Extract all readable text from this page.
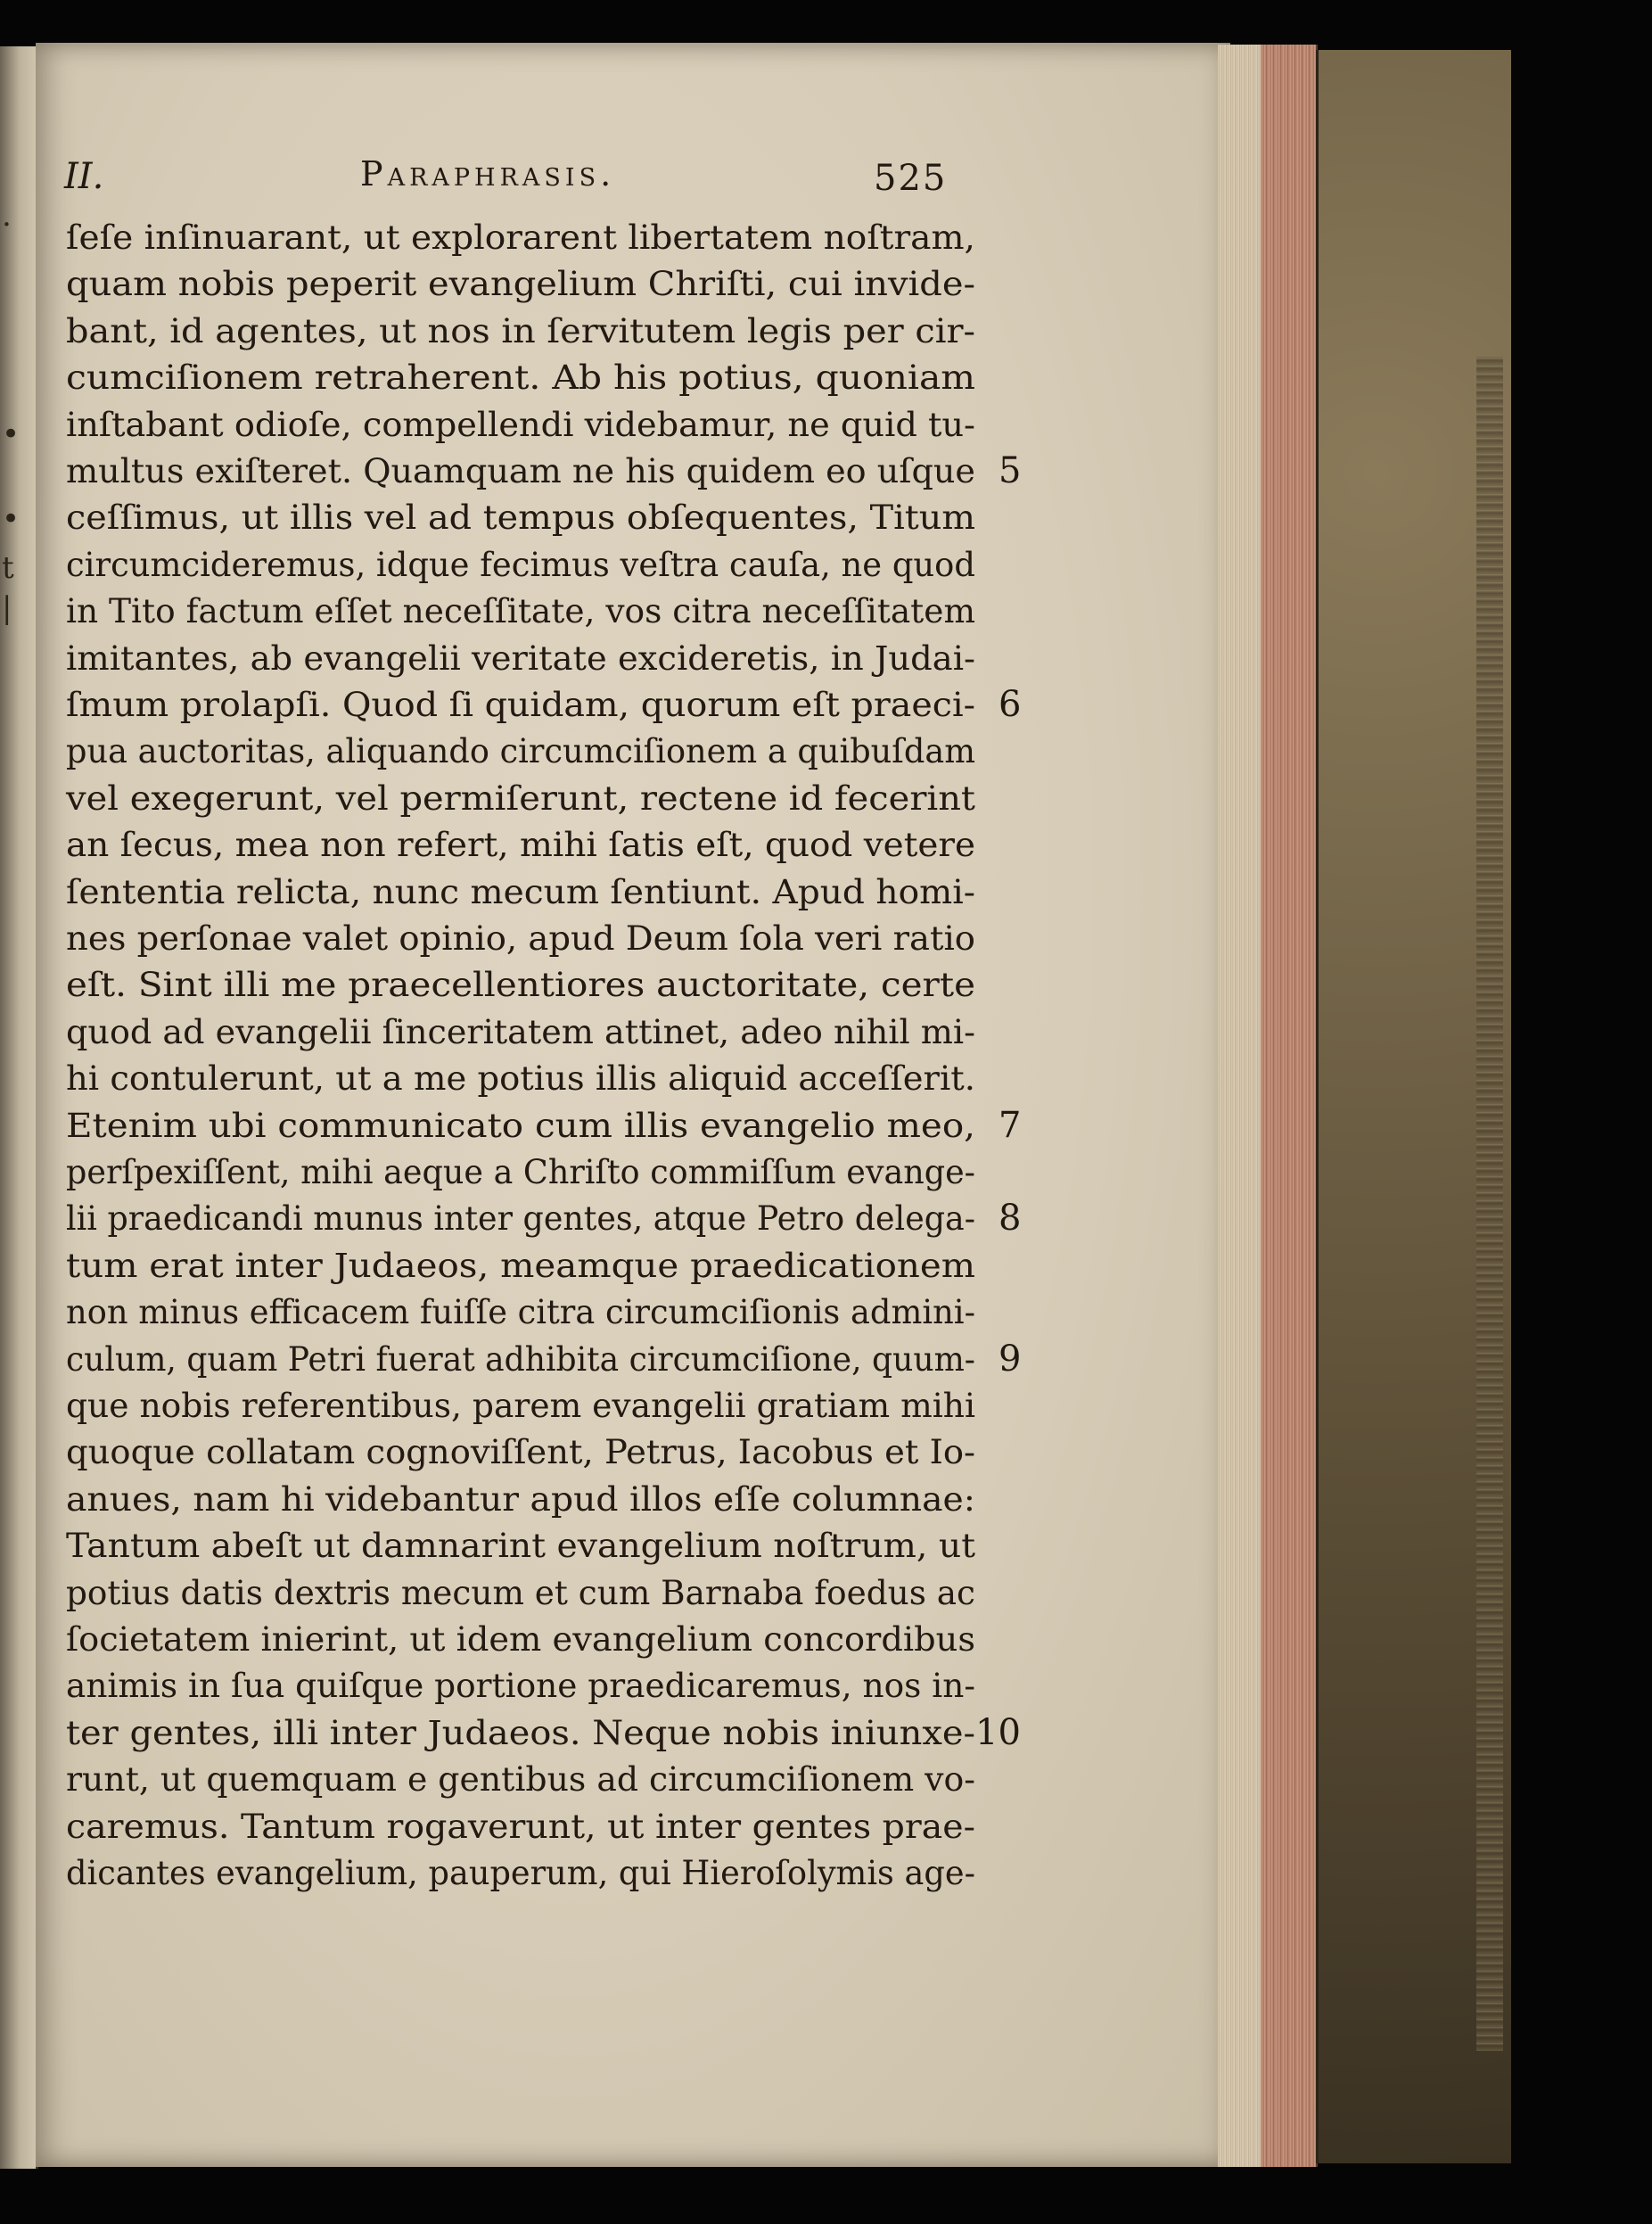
II.	Paraphrasis.	525
ſeſe inſinuarant, ut explorarent libertatem noſtram,
quam nobis peperit evangelium Chriſti, cui invide-
bant, id agentes, ut nos in ſervitutem legis per cir-
cumciſionem retraherent. Ab his potius, quoniam
inſtabant odioſe, compellendi videbamur, ne quid tu-
multus exiſteret. Quamquam ne his quidem eo uſque
ceſſimus, ut illis vel ad tempus obſequentes, Titum
circumcideremus, idque fecimus veſtra cauſa, ne quod
in Tito factum eſſet neceſſitate, vos citra neceſſitatem
imitantes, ab evangelii veritate excideretis, in Judai-
ſmum prolapſi. Quod ſi quidam, quorum eſt praeci-
pua auctoritas, aliquando circumciſionem a quibuſdam
vel exegerunt, vel permiſerunt, rectene id fecerint
an ſecus, mea non refert, mihi ſatis eſt, quod vetere
ſententia relicta, nunc mecum ſentiunt. Apud homi-
nes perſonae valet opinio, apud Deum ſola veri ratio
eſt. Sint illi me praecellentiores auctoritate, certe
quod ad evangelii ſinceritatem attinet, adeo nihil mi-
hi contulerunt, ut a me potius illis aliquid acceſſerit.
Etenim ubi communicato cum illis evangelio meo,
perſpexiſſent, mihi aeque a Chriſto commiſſum evange-
lii praedicandi munus inter gentes, atque Petro delega-
tum erat inter Judaeos, meamque praedicationem
non minus efficacem fuiſſe citra circumciſionis admini-
culum, quam Petri fuerat adhibita circumciſione, quum-
que nobis referentibus, parem evangelii gratiam mihi
quoque collatam cognoviſſent, Petrus, Iacobus et Io-
anues, nam hi videbantur apud illos eſſe columnae:
Tantum abeſt ut damnarint evangelium noſtrum, ut
potius datis dextris mecum et cum Barnaba foedus ac
ſocietatem inierint, ut idem evangelium concordibus
animis in ſua quiſque portione praedicaremus, nos in-
ter gentes, illi inter Judaeos. Neque nobis iniunxe-
runt, ut quemquam e gentibus ad circumciſionem vo-
caremus. Tantum rogaverunt, ut inter gentes prae-
dicantes evangelium, pauperum, qui Hieroſolymis age-
.
•
•
t
|
5
6
7
8
9
10
